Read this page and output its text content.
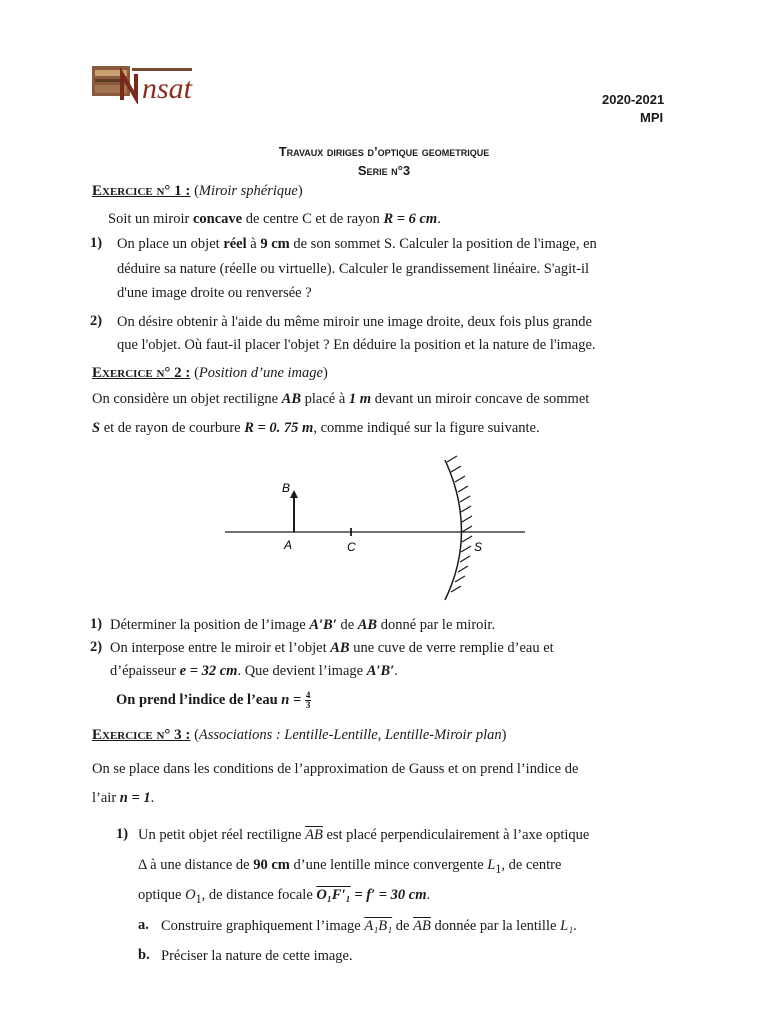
nsat	2020-2021
MPI
Travaux diriges d’optique geometrique
Serie n°3
Exercice n° 1 : (Miroir sphérique)

Soit un miroir concave de centre C et de rayon R = 6 cm.

1) On place un objet réel à 9 cm de son sommet S. Calculer la position de l'image, en

déduire sa nature (réelle ou virtuelle). Calculer le grandissement linéaire. S'agit-il

d'une image droite ou renversée ?

2) On désire obtenir à l'aide du même miroir une image droite, deux fois plus grande

que l'objet. Où faut-il placer l'objet ? En déduire la position et la nature de l'image.

Exercice n° 2 : (Position d’une image)

On considère un objet rectiligne AB placé à 1 m devant un miroir concave de sommet

S et de rayon de courbure R = 0. 75 m, comme indiqué sur la figure suivante.

B
A	C	S
1) Déterminer la position de l’image A′B′ de AB donné par le miroir.

2) On interpose entre le miroir et l’objet AB une cuve de verre remplie d’eau et

d’épaisseur e = 32 cm. Que devient l’image A′B′.

On prend l’indice de l’eau $n = \frac{4}{3}$

Exercice n° 3 : (Associations : Lentille-Lentille, Lentille-Miroir plan)

On se place dans les conditions de l’approximation de Gauss et on prend l’indice de

l’air n = 1.

1) Un petit objet réel rectiligne $\overline{AB}$ est placé perpendiculairement à l’axe optique

Δ à une distance de 90 cm d’une lentille mince convergente $L_1$, de centre

optique $O_1$, de distance focale O₁F′₁ = f′ = 30 cm.

a. Construire graphiquement l’image A₁B₁ de $\overline{AB}$ donnée par la lentille L₁.

b. Préciser la nature de cette image.
